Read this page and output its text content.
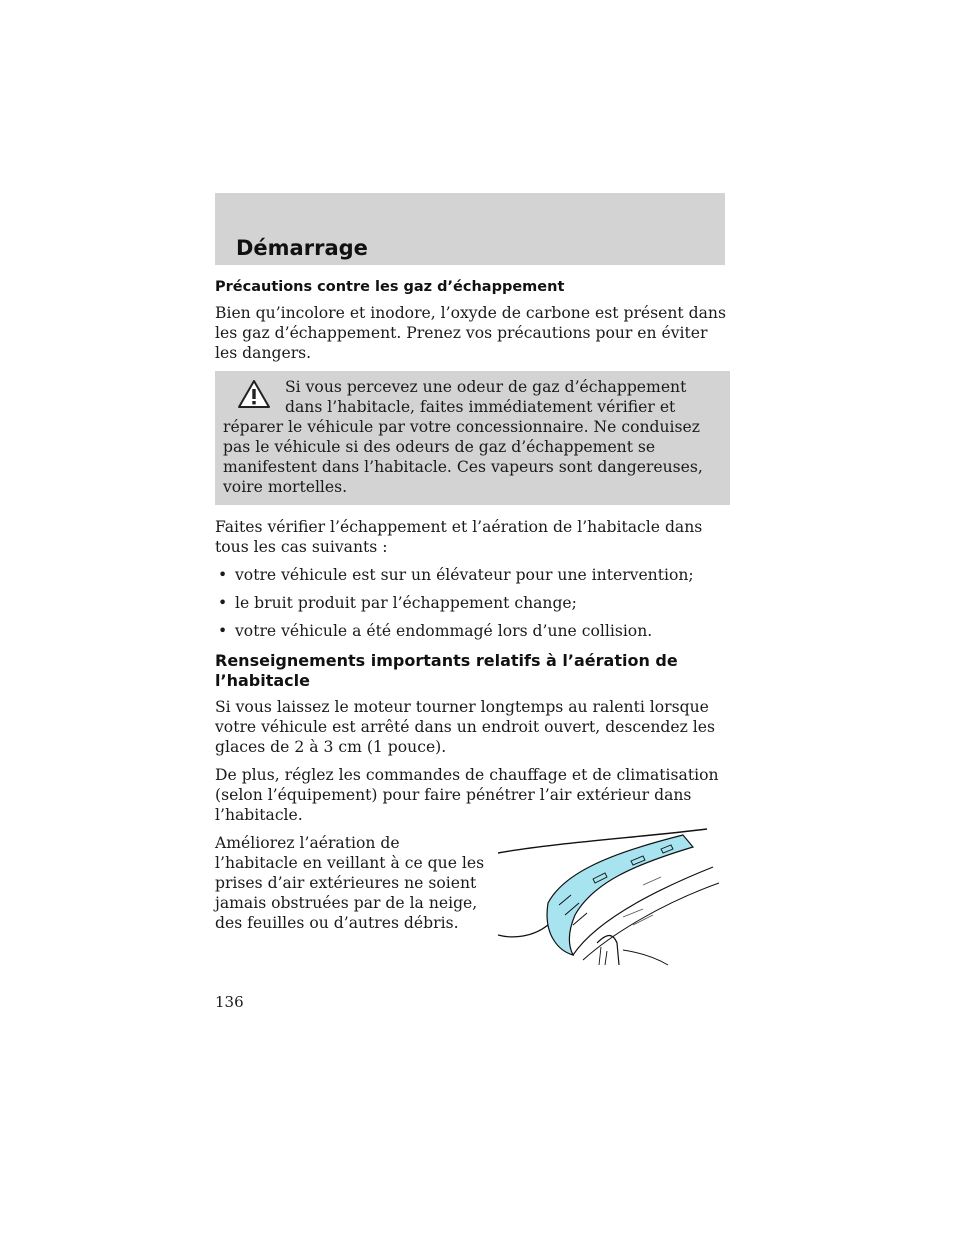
Démarrage
Précautions contre les gaz d’échappement

Bien qu’incolore et inodore, l’oxyde de carbone est présent dans les gaz d’échappement. Prenez vos précautions pour en éviter les dangers.

Si vous percevez une odeur de gaz d’échappement dans l’habitacle, faites immédiatement vérifier et réparer le véhicule par votre concessionnaire. Ne conduisez pas le véhicule si des odeurs de gaz d’échappement se manifestent dans l’habitacle. Ces vapeurs sont dangereuses, voire mortelles.

Faites vérifier l’échappement et l’aération de l’habitacle dans tous les cas suivants :

• votre véhicule est sur un élévateur pour une intervention;
• le bruit produit par l’échappement change;
• votre véhicule a été endommagé lors d’une collision.
Renseignements importants relatifs à l’aération de l’habitacle

Si vous laissez le moteur tourner longtemps au ralenti lorsque votre véhicule est arrêté dans un endroit ouvert, descendez les glaces de 2 à 3 cm (1 pouce).

De plus, réglez les commandes de chauffage et de climatisation (selon l’équipement) pour faire pénétrer l’air extérieur dans l’habitacle.

Améliorez l’aération de l’habitacle en veillant à ce que les prises d’air extérieures ne soient jamais obstruées par de la neige, des feuilles ou d’autres débris.

136
